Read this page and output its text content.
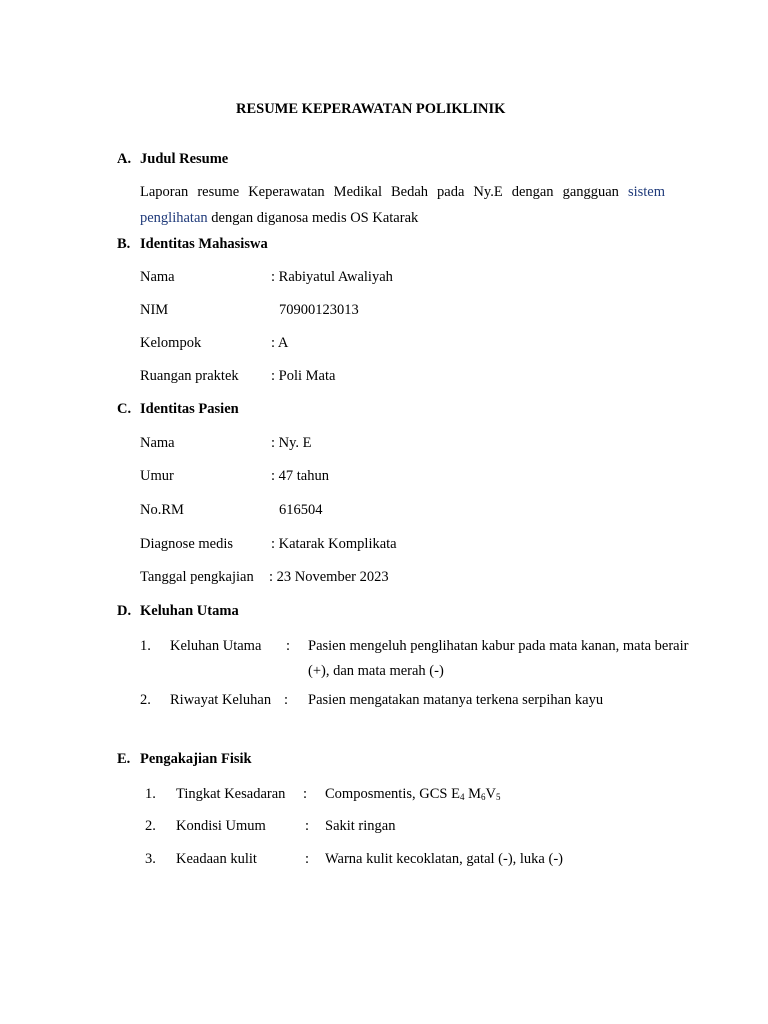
RESUME KEPERAWATAN POLIKLINIK
A. Judul Resume
Laporan resume Keperawatan Medikal Bedah pada Ny.E dengan gangguan sistem
penglihatan dengan diganosa medis OS Katarak
B. Identitas Mahasiswa
Nama	: Rabiyatul Awaliyah
NIM	70900123013
Kelompok	: A
Ruangan praktek : Poli Mata
C. Identitas Pasien
Nama	: Ny. E
Umur	: 47 tahun
No.RM	616504
Diagnose medis	: Katarak Komplikata
Tanggal pengkajian : 23 November 2023
D. Keluhan Utama
1. Keluhan Utama : Pasien mengeluh penglihatan kabur pada mata kanan, mata berair
(+), dan mata merah (-)
2. Riwayat Keluhan : Pasien mengatakan matanya terkena serpihan kayu
E. Pengakajian Fisik
1. Tingkat Kesadaran : Composmentis, GCS $E_4$ $M_6V_5$
2. Kondisi Umum	: Sakit ringan
3. Keadaan kulit	: Warna kulit kecoklatan, gatal (-), luka (-)
